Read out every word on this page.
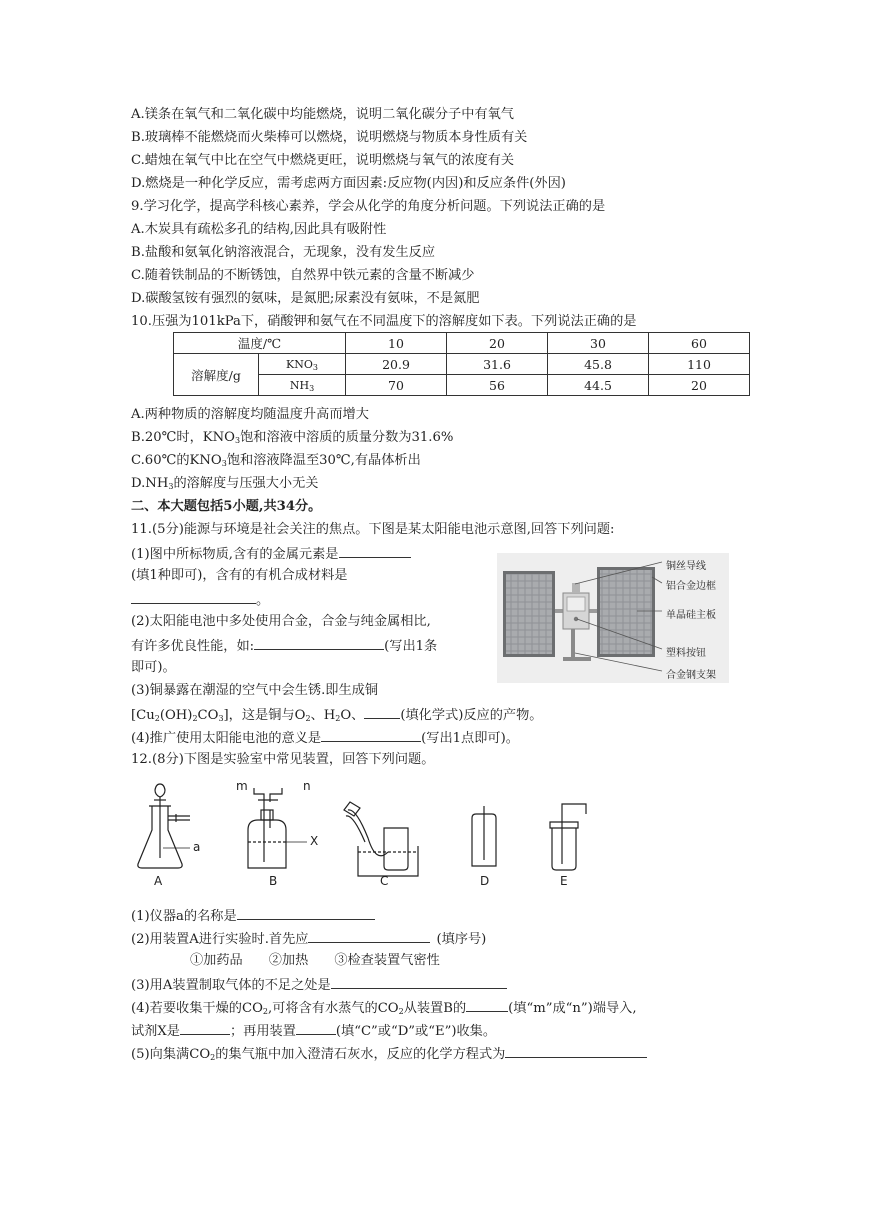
A.镁条在氧气和二氧化碳中均能燃烧，说明二氧化碳分子中有氧气
B.玻璃棒不能燃烧而火柴棒可以燃烧，说明燃烧与物质本身性质有关
C.蜡烛在氧气中比在空气中燃烧更旺，说明燃烧与氧气的浓度有关
D.燃烧是一种化学反应，需考虑两方面因素:反应物(内因)和反应条件(外因)
9.学习化学，提高学科核心素养，学会从化学的角度分析问题。下列说法正确的是
A.木炭具有疏松多孔的结构,因此具有吸附性
B.盐酸和氨氧化钠溶液混合，无现象，没有发生反应
C.随着铁制品的不断锈蚀，自然界中铁元素的含量不断减少
D.碳酸氢铵有强烈的氨味，是氮肥;尿素没有氨味，不是氮肥
10.压强为101kPa下，硝酸钾和氨气在不同温度下的溶解度如下表。下列说法正确的是
温度/℃		10	20	30	60
溶解度/g	$KNO_3$	20.9	31.6	45.8	110
	$NH_3$	70	56	44.5	20
A.两种物质的溶解度均随温度升高而增大
B.20℃时，$KNO_3$饱和溶液中溶质的质量分数为31.6%
C.60℃的$KNO_3$饱和溶液降温至30℃,有晶体析出
$D.NH_3$的溶解度与压强大小无关
二、本大题包括5小题,共34分。
11.(5分)能源与环境是社会关注的焦点。下图是某太阳能电池示意图,回答下列问题:
(1)图中所标物质,含有的金属元素是
(填1种即可)，含有的有机合成材料是
。
(2)太阳能电池中多处使用合金，合金与纯金属相比,
有许多优良性能，如:	(写出1条
即可)。
(3)铜暴露在潮湿的空气中会生锈.即生成铜
$[Cu_2(OH)_2CO_3]$，这是铜与$O_2$、$H_2O$、	(填化学式)反应的产物。
(4)推广使用太阳能电池的意义是	(写出1点即可)。
铜丝导线
铝合金边框
单晶硅主板
塑料按钮
合金钢支架
12.(8分)下图是实验室中常见装置，回答下列问题。
A	B	C	D	E
a
m	n
X
(1)仪器a的名称是
(2)用装置A进行实验时.首先应	(填序号)
①加药品 ②加热 ③检查装置气密性
(3)用A装置制取气体的不足之处是
(4)若要收集干燥的$CO_2$,可将含有水蒸气的$CO_2$从装置B的	(填“m”成“n”)端导入,
试剂X是	；再用装置	(填“C”或“D”或“E”)收集。
(5)向集满$CO_2$的集气瓶中加入澄清石灰水，反应的化学方程式为
